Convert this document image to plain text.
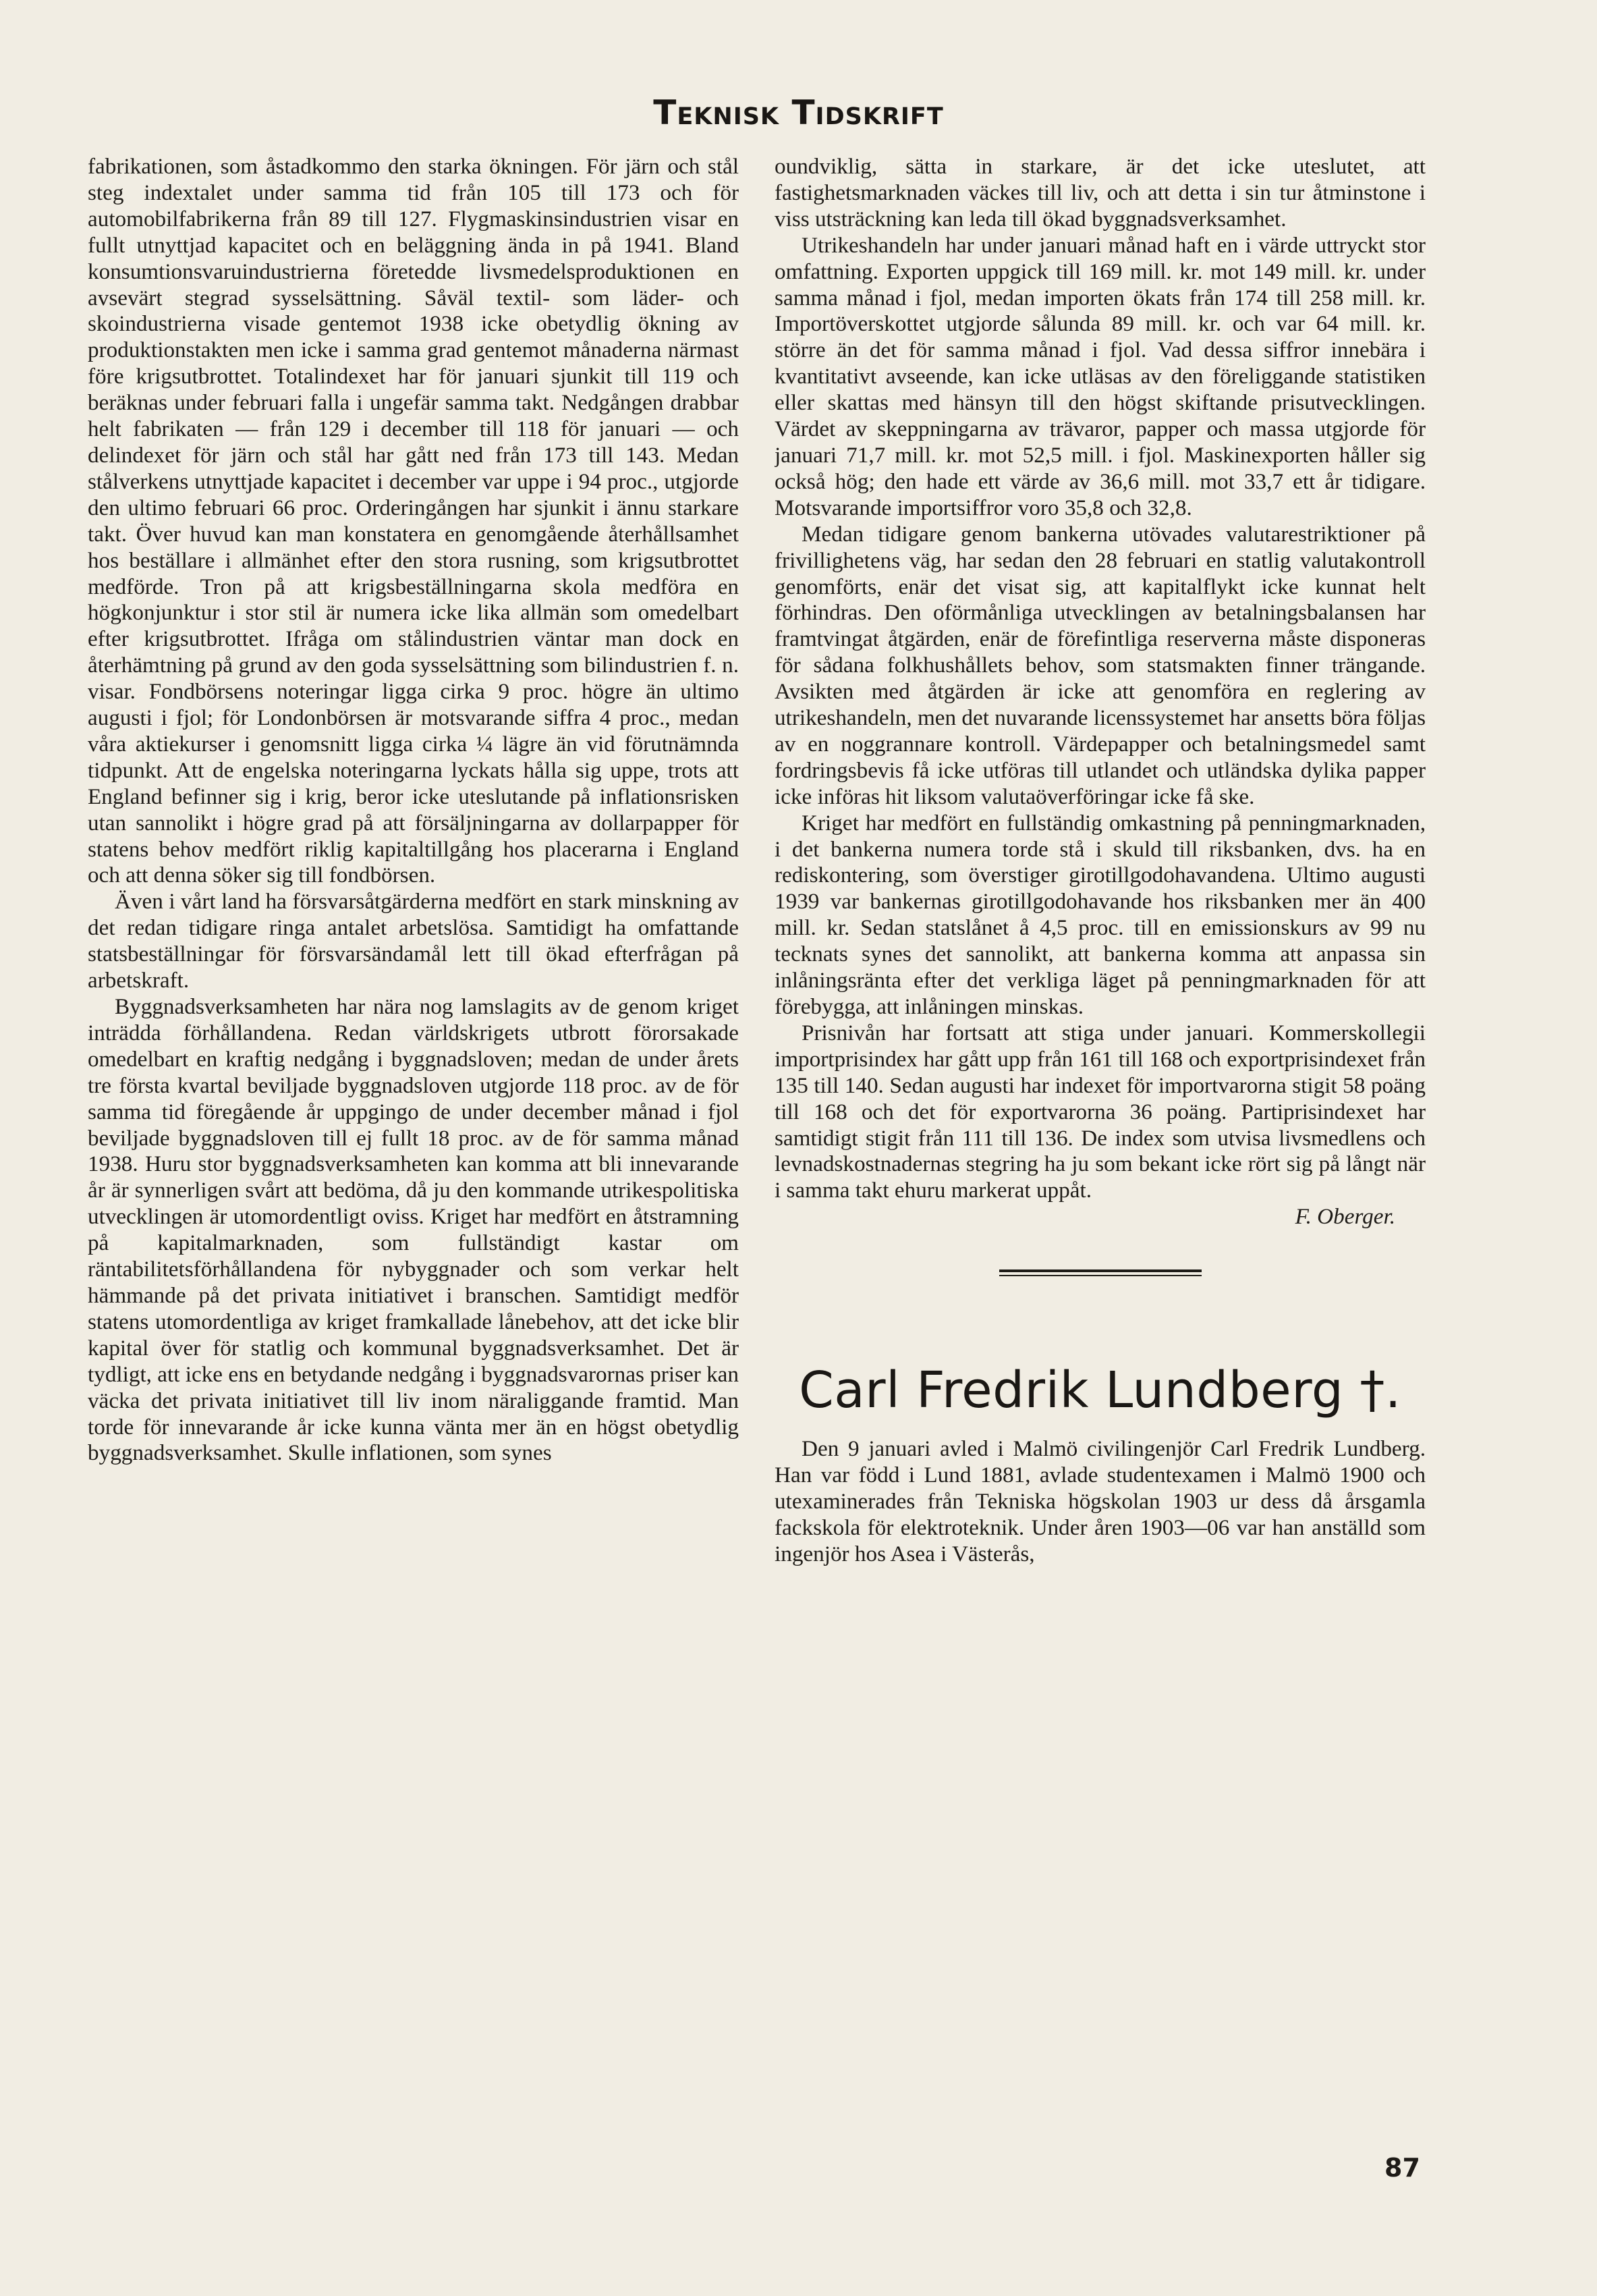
Teknisk Tidskrift

fabrikationen, som åstadkommo den starka ökningen. För järn och stål steg indextalet under samma tid från 105 till 173 och för automobilfabrikerna från 89 till 127. Flygmaskinsindustrien visar en fullt utnyttjad kapacitet och en beläggning ända in på 1941. Bland konsumtionsvaruindustrierna företedde livsmedelsproduktionen en avsevärt stegrad sysselsättning. Såväl textil- som läder- och skoindustrierna visade gentemot 1938 icke obetydlig ökning av produktionstakten men icke i samma grad gentemot månaderna närmast före krigsutbrottet. Totalindexet har för januari sjunkit till 119 och beräknas under februari falla i ungefär samma takt. Nedgången drabbar helt fabrikaten — från 129 i december till 118 för januari — och delindexet för järn och stål har gått ned från 173 till 143. Medan stålverkens utnyttjade kapacitet i december var uppe i 94 proc., utgjorde den ultimo februari 66 proc. Orderingången har sjunkit i ännu starkare takt. Över huvud kan man konstatera en genomgående återhållsamhet hos beställare i allmänhet efter den stora rusning, som krigsutbrottet medförde. Tron på att krigsbeställningarna skola medföra en högkonjunktur i stor stil är numera icke lika allmän som omedelbart efter krigsutbrottet. Ifråga om stålindustrien väntar man dock en återhämtning på grund av den goda sysselsättning som bilindustrien f. n. visar. Fondbörsens noteringar ligga cirka 9 proc. högre än ultimo augusti i fjol; för Londonbörsen är motsvarande siffra 4 proc., medan våra aktiekurser i genomsnitt ligga cirka ¼ lägre än vid förutnämnda tidpunkt. Att de engelska noteringarna lyckats hålla sig uppe, trots att England befinner sig i krig, beror icke uteslutande på inflationsrisken utan sannolikt i högre grad på att försäljningarna av dollarpapper för statens behov medfört riklig kapitaltillgång hos placerarna i England och att denna söker sig till fondbörsen.

Även i vårt land ha försvarsåtgärderna medfört en stark minskning av det redan tidigare ringa antalet arbetslösa. Samtidigt ha omfattande statsbeställningar för försvarsändamål lett till ökad efterfrågan på arbetskraft.

Byggnadsverksamheten har nära nog lamslagits av de genom kriget inträdda förhållandena. Redan världskrigets utbrott förorsakade omedelbart en kraftig nedgång i byggnadsloven; medan de under årets tre första kvartal beviljade byggnadsloven utgjorde 118 proc. av de för samma tid föregående år uppgingo de under december månad i fjol beviljade byggnadsloven till ej fullt 18 proc. av de för samma månad 1938. Huru stor byggnadsverksamheten kan komma att bli innevarande år är synnerligen svårt att bedöma, då ju den kommande utrikespolitiska utvecklingen är utomordentligt oviss. Kriget har medfört en åtstramning på kapitalmarknaden, som fullständigt kastar om räntabilitetsförhållandena för nybyggnader och som verkar helt hämmande på det privata initiativet i branschen. Samtidigt medför statens utomordentliga av kriget framkallade lånebehov, att det icke blir kapital över för statlig och kommunal byggnadsverksamhet. Det är tydligt, att icke ens en betydande nedgång i byggnadsvarornas priser kan väcka det privata initiativet till liv inom näraliggande framtid. Man torde för innevarande år icke kunna vänta mer än en högst obetydlig byggnadsverksamhet. Skulle inflationen, som synes

oundviklig, sätta in starkare, är det icke uteslutet, att fastighetsmarknaden väckes till liv, och att detta i sin tur åtminstone i viss utsträckning kan leda till ökad byggnadsverksamhet.

Utrikeshandeln har under januari månad haft en i värde uttryckt stor omfattning. Exporten uppgick till 169 mill. kr. mot 149 mill. kr. under samma månad i fjol, medan importen ökats från 174 till 258 mill. kr. Importöverskottet utgjorde sålunda 89 mill. kr. och var 64 mill. kr. större än det för samma månad i fjol. Vad dessa siffror innebära i kvantitativt avseende, kan icke utläsas av den föreliggande statistiken eller skattas med hänsyn till den högst skiftande prisutvecklingen. Värdet av skeppningarna av trävaror, papper och massa utgjorde för januari 71,7 mill. kr. mot 52,5 mill. i fjol. Maskinexporten håller sig också hög; den hade ett värde av 36,6 mill. mot 33,7 ett år tidigare. Motsvarande importsiffror voro 35,8 och 32,8.

Medan tidigare genom bankerna utövades valutarestriktioner på frivillighetens väg, har sedan den 28 februari en statlig valutakontroll genomförts, enär det visat sig, att kapitalflykt icke kunnat helt förhindras. Den oförmånliga utvecklingen av betalningsbalansen har framtvingat åtgärden, enär de förefintliga reserverna måste disponeras för sådana folkhushållets behov, som statsmakten finner trängande. Avsikten med åtgärden är icke att genomföra en reglering av utrikeshandeln, men det nuvarande licenssystemet har ansetts böra följas av en noggrannare kontroll. Värdepapper och betalningsmedel samt fordringsbevis få icke utföras till utlandet och utländska dylika papper icke införas hit liksom valutaöverföringar icke få ske.

Kriget har medfört en fullständig omkastning på penningmarknaden, i det bankerna numera torde stå i skuld till riksbanken, dvs. ha en rediskontering, som överstiger girotillgodohavandena. Ultimo augusti 1939 var bankernas girotillgodohavande hos riksbanken mer än 400 mill. kr. Sedan statslånet å 4,5 proc. till en emissionskurs av 99 nu tecknats synes det sannolikt, att bankerna komma att anpassa sin inlåningsränta efter det verkliga läget på penningmarknaden för att förebygga, att inlåningen minskas.

Prisnivån har fortsatt att stiga under januari. Kommerskollegii importprisindex har gått upp från 161 till 168 och exportprisindexet från 135 till 140. Sedan augusti har indexet för importvarorna stigit 58 poäng till 168 och det för exportvarorna 36 poäng. Partiprisindexet har samtidigt stigit från 111 till 136. De index som utvisa livsmedlens och levnadskostnadernas stegring ha ju som bekant icke rört sig på långt när i samma takt ehuru markerat uppåt.

F. Oberger.

Carl Fredrik Lundberg †.

Den 9 januari avled i Malmö civilingenjör Carl Fredrik Lundberg. Han var född i Lund 1881, avlade studentexamen i Malmö 1900 och utexaminerades från Tekniska högskolan 1903 ur dess då årsgamla fackskola för elektroteknik. Under åren 1903—06 var han anställd som ingenjör hos Asea i Västerås,

87
